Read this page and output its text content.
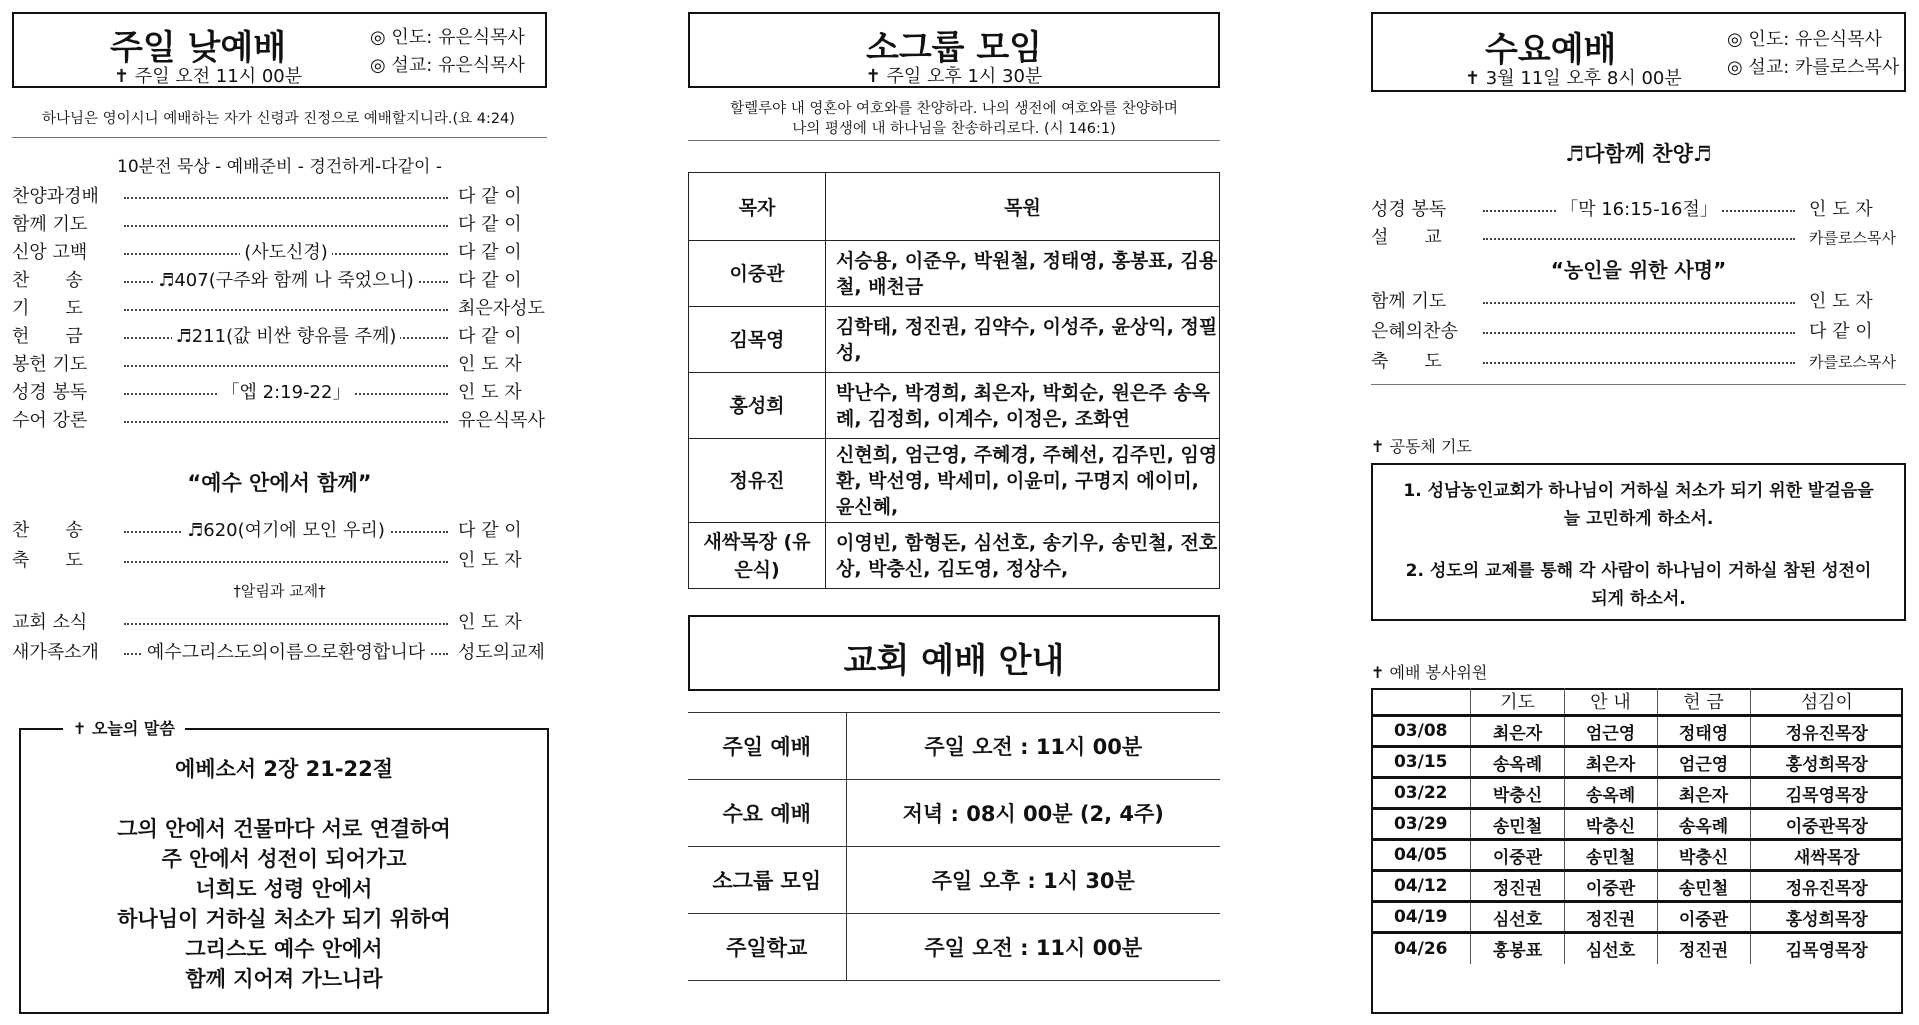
주일 낮예배
✝ 주일 오전 11시 00분
◎ 인도: 유은식목사
◎ 설교: 유은식목사
하나님은 영이시니 예배하는 자가 신령과 진정으로 예배할지니라.(요 4:24)
10분전 묵상 - 예배준비 - 경건하게-다같이 -
찬양과경배	다 같 이
함께 기도	다 같 이
신앙 고백	(사도신경)	다 같 이
찬　　송	♬407(구주와 함께 나 죽었으니) 다 같 이
기　　도	최은자성도
헌　　금	♬211(값 비싼 향유를 주께)	다 같 이
봉헌 기도	인 도 자
성경 봉독	「엡 2:19-22」	인 도 자
수어 강론	유은식목사
“예수 안에서 함께”
찬　　송	♬620(여기에 모인 우리)	다 같 이
축　　도	인 도 자
†알림과 교제†
교회 소식	인 도 자
새가족소개	예수그리스도의이름으로환영합니다 성도의교제
✝ 오늘의 말씀
에베소서 2장 21-22절
그의 안에서 건물마다 서로 연결하여
주 안에서 성전이 되어가고
너희도 성령 안에서
하나님이 거하실 처소가 되기 위하여
그리스도 예수 안에서
함께 지어져 가느니라
소그룹 모임
✝ 주일 오후 1시 30분
할렐루야 내 영혼아 여호와를 찬양하라. 나의 생전에 여호와를 찬양하며
나의 평생에 내 하나님을 찬송하리로다. (시 146:1)
목자	목원
이중관	서승용, 이준우, 박원철, 정태영, 홍봉표, 김용철, 배천금
김목영	김학태, 정진권, 김약수, 이성주, 윤상익, 정필성,
홍성희	박난수, 박경희, 최은자, 박회순, 원은주 송옥례, 김정희, 이계수, 이정은, 조화연
정유진	신현희, 엄근영, 주혜경, 주혜선, 김주민, 임영환, 박선영, 박세미, 이윤미, 구명지 에이미, 윤신혜,
새싹목장 (유은식)	이영빈, 함형돈, 심선호, 송기우, 송민철, 전호상, 박충신, 김도영, 정상수,
교회 예배 안내
주일 예배	주일 오전 : 11시 00분
수요 예배	저녁 : 08시 00분 (2, 4주)
소그룹 모임	주일 오후 : 1시 30분
주일학교	주일 오전 : 11시 00분
수요예배
✝ 3월 11일 오후 8시 00분
◎ 인도: 유은식목사
◎ 설교: 카를로스목사
♬다함께 찬양♬
성경 봉독	「막 16:15-16절」	인 도 자
설　　교	카를로스목사
“농인을 위한 사명”
함께 기도	인 도 자
은혜의찬송	다 같 이
축　　도	카를로스목사
✝ 공동체 기도
1. 성남농인교회가 하나님이 거하실 처소가 되기 위한 발걸음을 늘 고민하게 하소서.
2. 성도의 교제를 통해 각 사람이 하나님이 거하실 참된 성전이 되게 하소서.
✝ 예배 봉사위원
	기도	안 내	헌 금	섬김이
03/08	최은자	엄근영	정태영	정유진목장
03/15	송옥례	최은자	엄근영	홍성희목장
03/22	박충신	송옥례	최은자	김목영목장
03/29	송민철	박충신	송옥례	이중관목장
04/05	이중관	송민철	박충신	새싹목장
04/12	정진권	이중관	송민철	정유진목장
04/19	심선호	정진권	이중관	홍성희목장
04/26	홍봉표	심선호	정진권	김목영목장
